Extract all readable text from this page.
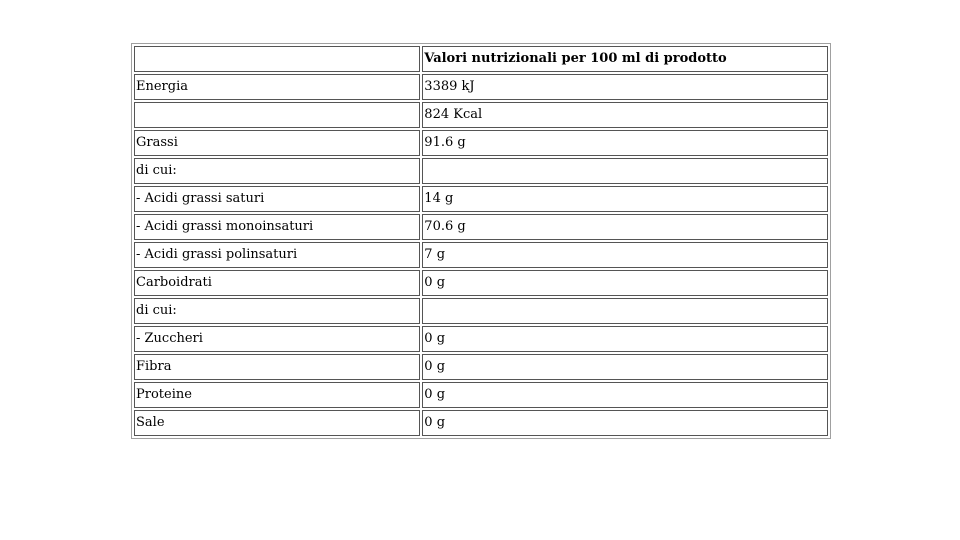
	Valori nutrizionali per 100 ml di prodotto
Energia	3389 kJ
	824 Kcal
Grassi	91.6 g
di cui:	
- Acidi grassi saturi	14 g
- Acidi grassi monoinsaturi	70.6 g
- Acidi grassi polinsaturi	7 g
Carboidrati	0 g
di cui:	
- Zuccheri	0 g
Fibra	0 g
Proteine	0 g
Sale	0 g
